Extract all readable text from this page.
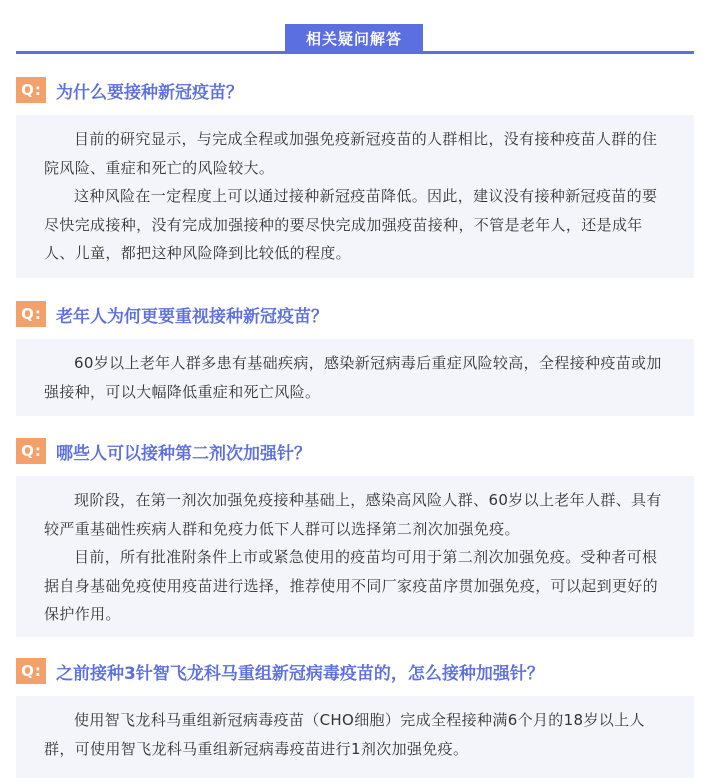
相关疑问解答
Q : 为什么要接种新冠疫苗？

目前的研究显示，与完成全程或加强免疫新冠疫苗的人群相比，没有接种疫苗人群的住院风险、重症和死亡的风险较大。

这种风险在一定程度上可以通过接种新冠疫苗降低。因此，建议没有接种新冠疫苗的要尽快完成接种，没有完成加强接种的要尽快完成加强疫苗接种，不管是老年人，还是成年人、儿童，都把这种风险降到比较低的程度。

Q : 老年人为何更要重视接种新冠疫苗？

60岁以上老年人群多患有基础疾病，感染新冠病毒后重症风险较高，全程接种疫苗或加强接种，可以大幅降低重症和死亡风险。

Q : 哪些人可以接种第二剂次加强针？

现阶段，在第一剂次加强免疫接种基础上，感染高风险人群、60岁以上老年人群、具有较严重基础性疾病人群和免疫力低下人群可以选择第二剂次加强免疫。

目前，所有批准附条件上市或紧急使用的疫苗均可用于第二剂次加强免疫。受种者可根据自身基础免疫使用疫苗进行选择，推荐使用不同厂家疫苗序贯加强免疫，可以起到更好的保护作用。

Q : 之前接种3针智飞龙科马重组新冠病毒疫苗的，怎么接种加强针？

使用智飞龙科马重组新冠病毒疫苗（CHO细胞）完成全程接种满6个月的18岁以上人群，可使用智飞龙科马重组新冠病毒疫苗进行1剂次加强免疫。
